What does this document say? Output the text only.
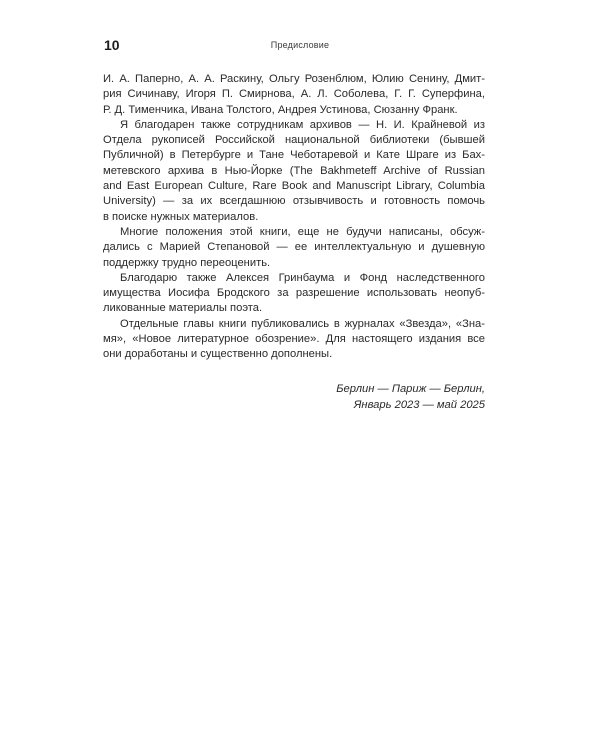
10	Предисловие
И. А. Паперно, А. А. Раскину, Ольгу Розенблюм, Юлию Сенину, Дмит-
рия Сичинаву, Игоря П. Смирнова, А. Л. Соболева, Г. Г. Суперфина,
Р. Д. Тименчика, Ивана Толстого, Андрея Устинова, Сюзанну Франк.
Я благодарен также сотрудникам архивов — Н. И. Крайневой из
Отдела рукописей Российской национальной библиотеки (бывшей
Публичной) в Петербурге и Тане Чеботаревой и Кате Шраге из Бах-
метевского архива в Нью-Йорке (The Bakhmeteff Archive of Russian
and East European Culture, Rare Book and Manuscript Library, Columbia
University) — за их всегдашнюю отзывчивость и готовность помочь
в поиске нужных материалов.
Многие положения этой книги, еще не будучи написаны, обсуж-
дались с Марией Степановой — ее интеллектуальную и душевную
поддержку трудно переоценить.
Благодарю также Алексея Гринбаума и Фонд наследственного
имущества Иосифа Бродского за разрешение использовать неопуб-
ликованные материалы поэта.
Отдельные главы книги публиковались в журналах «Звезда», «Зна-
мя», «Новое литературное обозрение». Для настоящего издания все
они доработаны и существенно дополнены.
Берлин — Париж — Берлин,
Январь 2023 — май 2025
